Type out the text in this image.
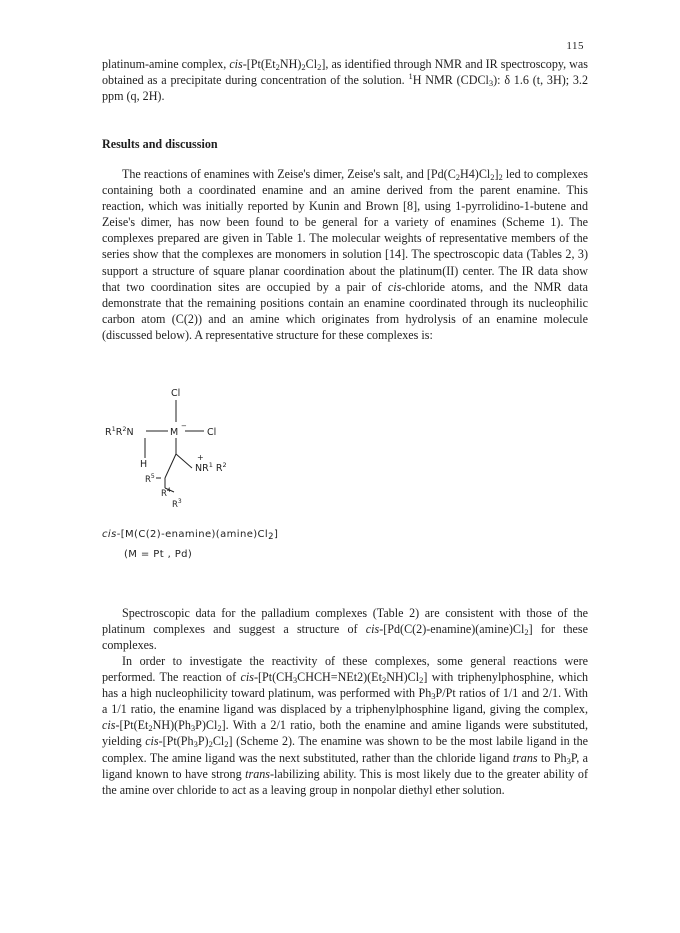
115

platinum-amine complex, cis-$[Pt(Et_2NH)_2Cl_2]$, as identified through NMR and IR spectroscopy, was obtained as a precipitate during concentration of the solution. $^1$H NMR (CDCl$_3$): δ 1.6 (t, 3H); 3.2 ppm (q, 2H).

Results and discussion

The reactions of enamines with Zeise's dimer, Zeise's salt, and $[Pd(C_2H4)Cl_2]_2$ led to complexes containing both a coordinated enamine and an amine derived from the parent enamine. This reaction, which was initially reported by Kunin and Brown [8], using 1-pyrrolidino-1-butene and Zeise's dimer, has now been found to be general for a variety of enamines (Scheme 1). The complexes prepared are given in Table 1. The molecular weights of representative members of the series show that the complexes are monomers in solution [14]. The spectroscopic data (Tables 2, 3) support a structure of square planar coordination about the platinum(II) center. The IR data show that two coordination sites are occupied by a pair of cis-chloride atoms, and the NMR data demonstrate that the remaining positions contain an enamine coordinated through its nucleophilic carbon atom (C(2)) and an amine which originates from hydrolysis of an enamine molecule (discussed below). A representative structure for these complexes is:

Cl
Cl
M
−
$R^1R^2N$
H
+
$NR^1$ $R^2$
$R^5$
$R^4$
$R^3$
cis-$[M(C(2)-enamine)(amine)Cl_2]$
(M = Pt , Pd)

Spectroscopic data for the palladium complexes (Table 2) are consistent with those of the platinum complexes and suggest a structure of cis-$[Pd(C(2)-enamine)(amine)Cl_2]$ for these complexes.

In order to investigate the reactivity of these complexes, some general reactions were performed. The reaction of cis-$[Pt(CH_3CHCH=NEt2)(Et_2NH)Cl_2]$ with triphenylphosphine, which has a high nucleophilicity toward platinum, was performed with $Ph_3P/Pt$ ratios of 1/1 and 2/1. With a 1/1 ratio, the enamine ligand was displaced by a triphenylphosphine ligand, giving the complex, cis-$[Pt(Et_2NH)(Ph_3P)Cl_2]$. With a 2/1 ratio, both the enamine and amine ligands were substituted, yielding cis-$[Pt(Ph_3P)_2Cl_2]$ (Scheme 2). The enamine was shown to be the most labile ligand in the complex. The amine ligand was the next substituted, rather than the chloride ligand trans to $Ph_3P$, a ligand known to have strong trans-labilizing ability. This is most likely due to the greater ability of the amine over chloride to act as a leaving group in nonpolar diethyl ether solution.
